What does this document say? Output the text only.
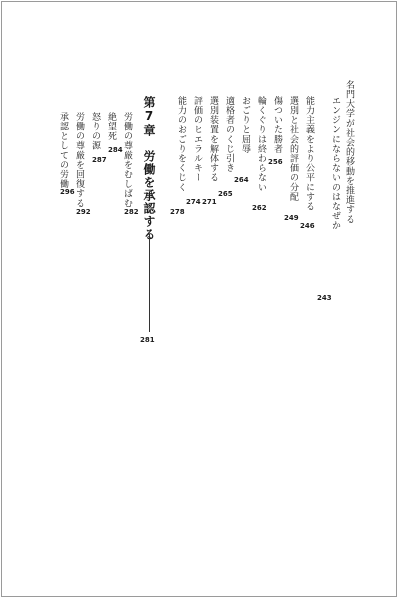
名門大学が社会的移動を推進する
エンジンにならないのはなぜか
243
能力主義をより公平にする
246
選別と社会的評価の分配
249
傷ついた勝者
256
輪くぐりは終わらない
262
おごりと屈辱
264
適格者のくじ引き
265
選別装置を解体する
271
評価のヒエラルキー
274
能力のおごりをくじく
278
第7章　労働を承認する
281
労働の尊厳をむしばむ
282
絶望死
284
怒りの源
287
労働の尊厳を回復する
292
承認としての労働
296
